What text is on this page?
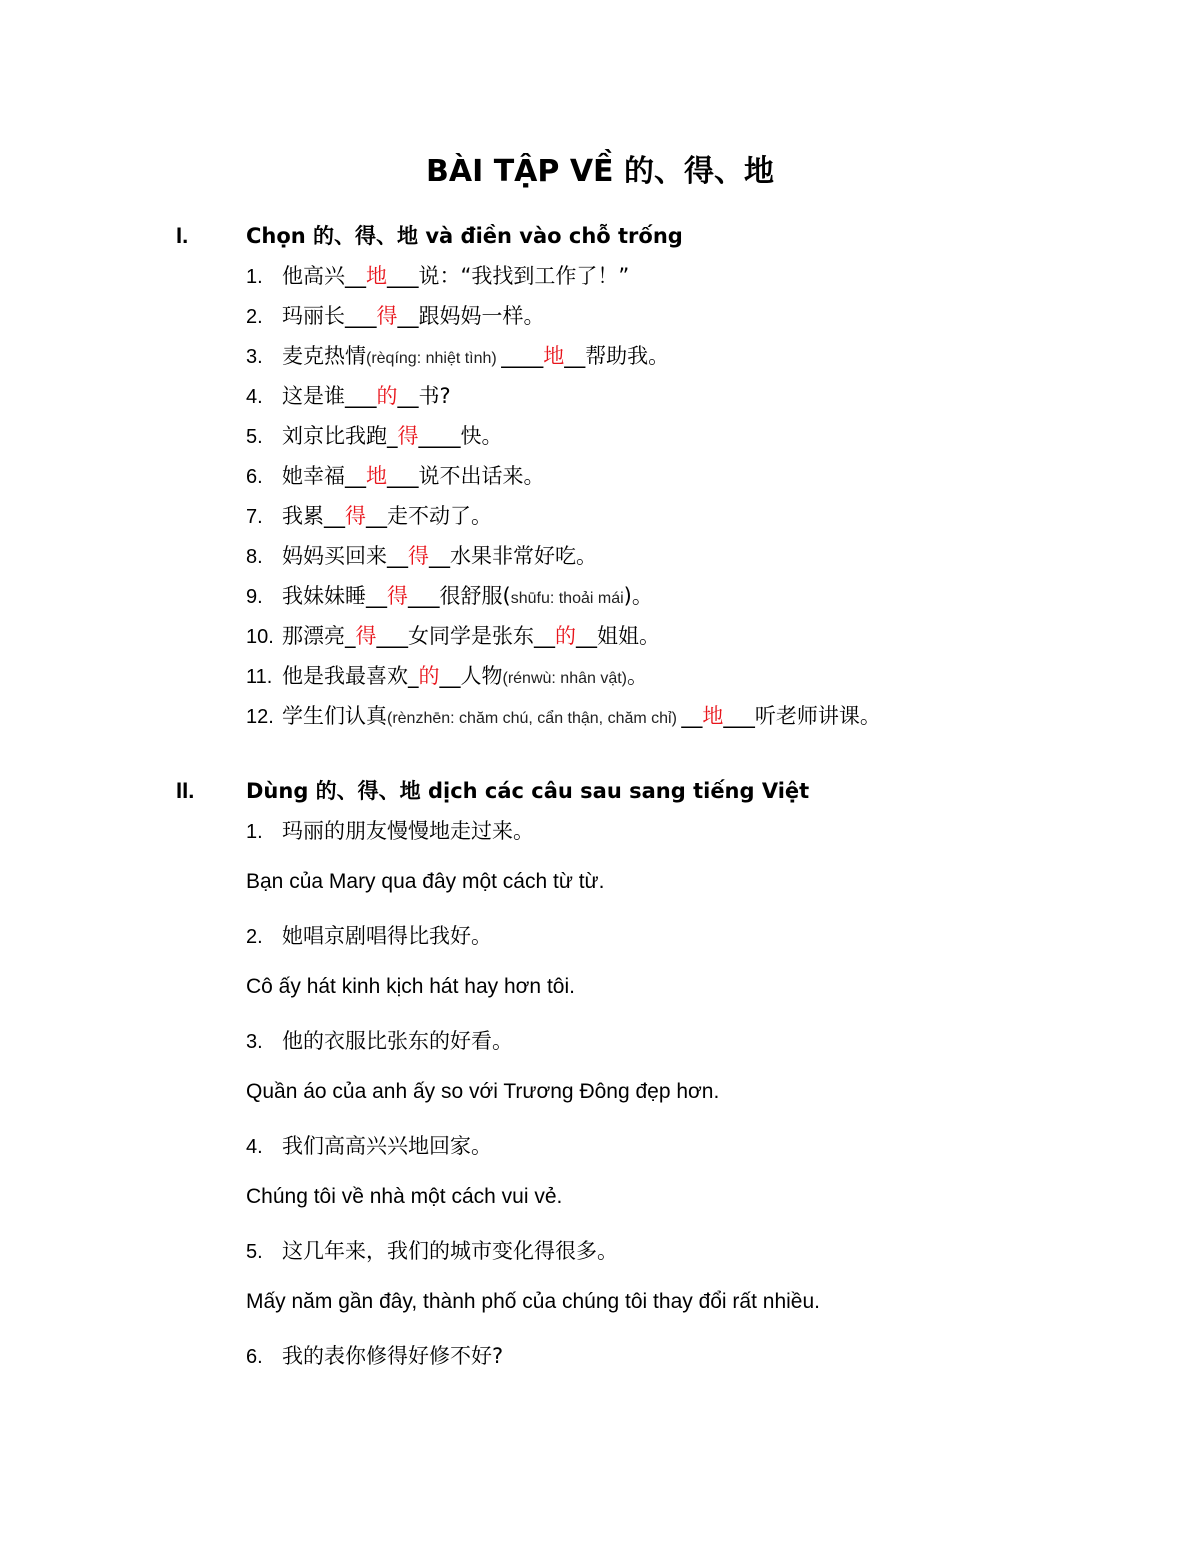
BÀI TẬP VỀ 的、得、地
I.	Chọn 的、得、地 và điền vào chỗ trống
1. 他高兴__地___说：“我找到工作了！”
2. 玛丽长___得__跟妈妈一样。
3. 麦克热情(rèqíng: nhiệt tình) ____地__帮助我。
4. 这是谁___的__书?
5. 刘京比我跑_得____快。
6. 她幸福__地___说不出话来。
7. 我累__得__走不动了。
8. 妈妈买回来__得__水果非常好吃。
9. 我妹妹睡__得___很舒服(shūfu: thoải mái)。
10. 那漂亮_得___女同学是张东__的__姐姐。
11. 他是我最喜欢_的__人物(rénwù: nhân vật)。
12. 学生们认真(rènzhēn: chăm chú, cẩn thận, chăm chỉ) __地___听老师讲课。
II. Dùng 的、得、地 dịch các câu sau sang tiếng Việt
1. 玛丽的朋友慢慢地走过来。
Bạn của Mary qua đây một cách từ từ.
2. 她唱京剧唱得比我好。
Cô ấy hát kinh kịch hát hay hơn tôi.
3. 他的衣服比张东的好看。
Quần áo của anh ấy so với Trương Đông đẹp hơn.
4. 我们高高兴兴地回家。
Chúng tôi về nhà một cách vui vẻ.
5. 这几年来，我们的城市变化得很多。
Mấy năm gần đây, thành phố của chúng tôi thay đổi rất nhiều.
6. 我的表你修得好修不好?
